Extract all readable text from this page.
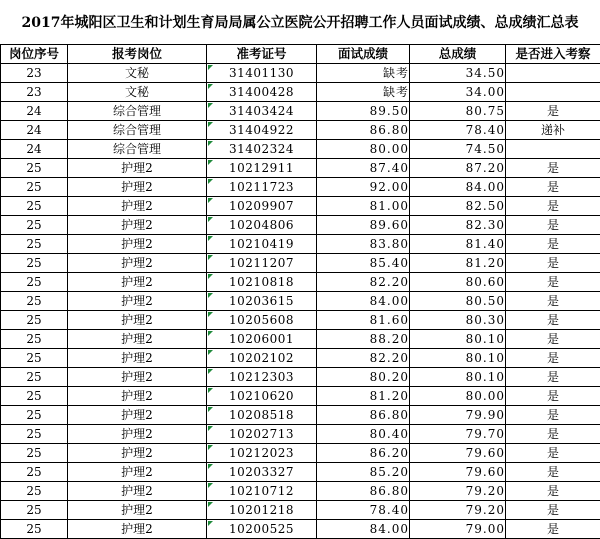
2017年城阳区卫生和计划生育局局属公立医院公开招聘工作人员面试成绩、总成绩汇总表
岗位序号	报考岗位	准考证号	面试成绩	总成绩	是否进入考察
23	文秘	31401130	缺考	34.50	
23	文秘	31400428	缺考	34.00	
24	综合管理	31403424	89.50	80.75	是
24	综合管理	31404922	86.80	78.40	递补
24	综合管理	31402324	80.00	74.50	
25	护理2	10212911	87.40	87.20	是
25	护理2	10211723	92.00	84.00	是
25	护理2	10209907	81.00	82.50	是
25	护理2	10204806	89.60	82.30	是
25	护理2	10210419	83.80	81.40	是
25	护理2	10211207	85.40	81.20	是
25	护理2	10210818	82.20	80.60	是
25	护理2	10203615	84.00	80.50	是
25	护理2	10205608	81.60	80.30	是
25	护理2	10206001	88.20	80.10	是
25	护理2	10202102	82.20	80.10	是
25	护理2	10212303	80.20	80.10	是
25	护理2	10210620	81.20	80.00	是
25	护理2	10208518	86.80	79.90	是
25	护理2	10202713	80.40	79.70	是
25	护理2	10212023	86.20	79.60	是
25	护理2	10203327	85.20	79.60	是
25	护理2	10210712	86.80	79.20	是
25	护理2	10201218	78.40	79.20	是
25	护理2	10200525	84.00	79.00	是
